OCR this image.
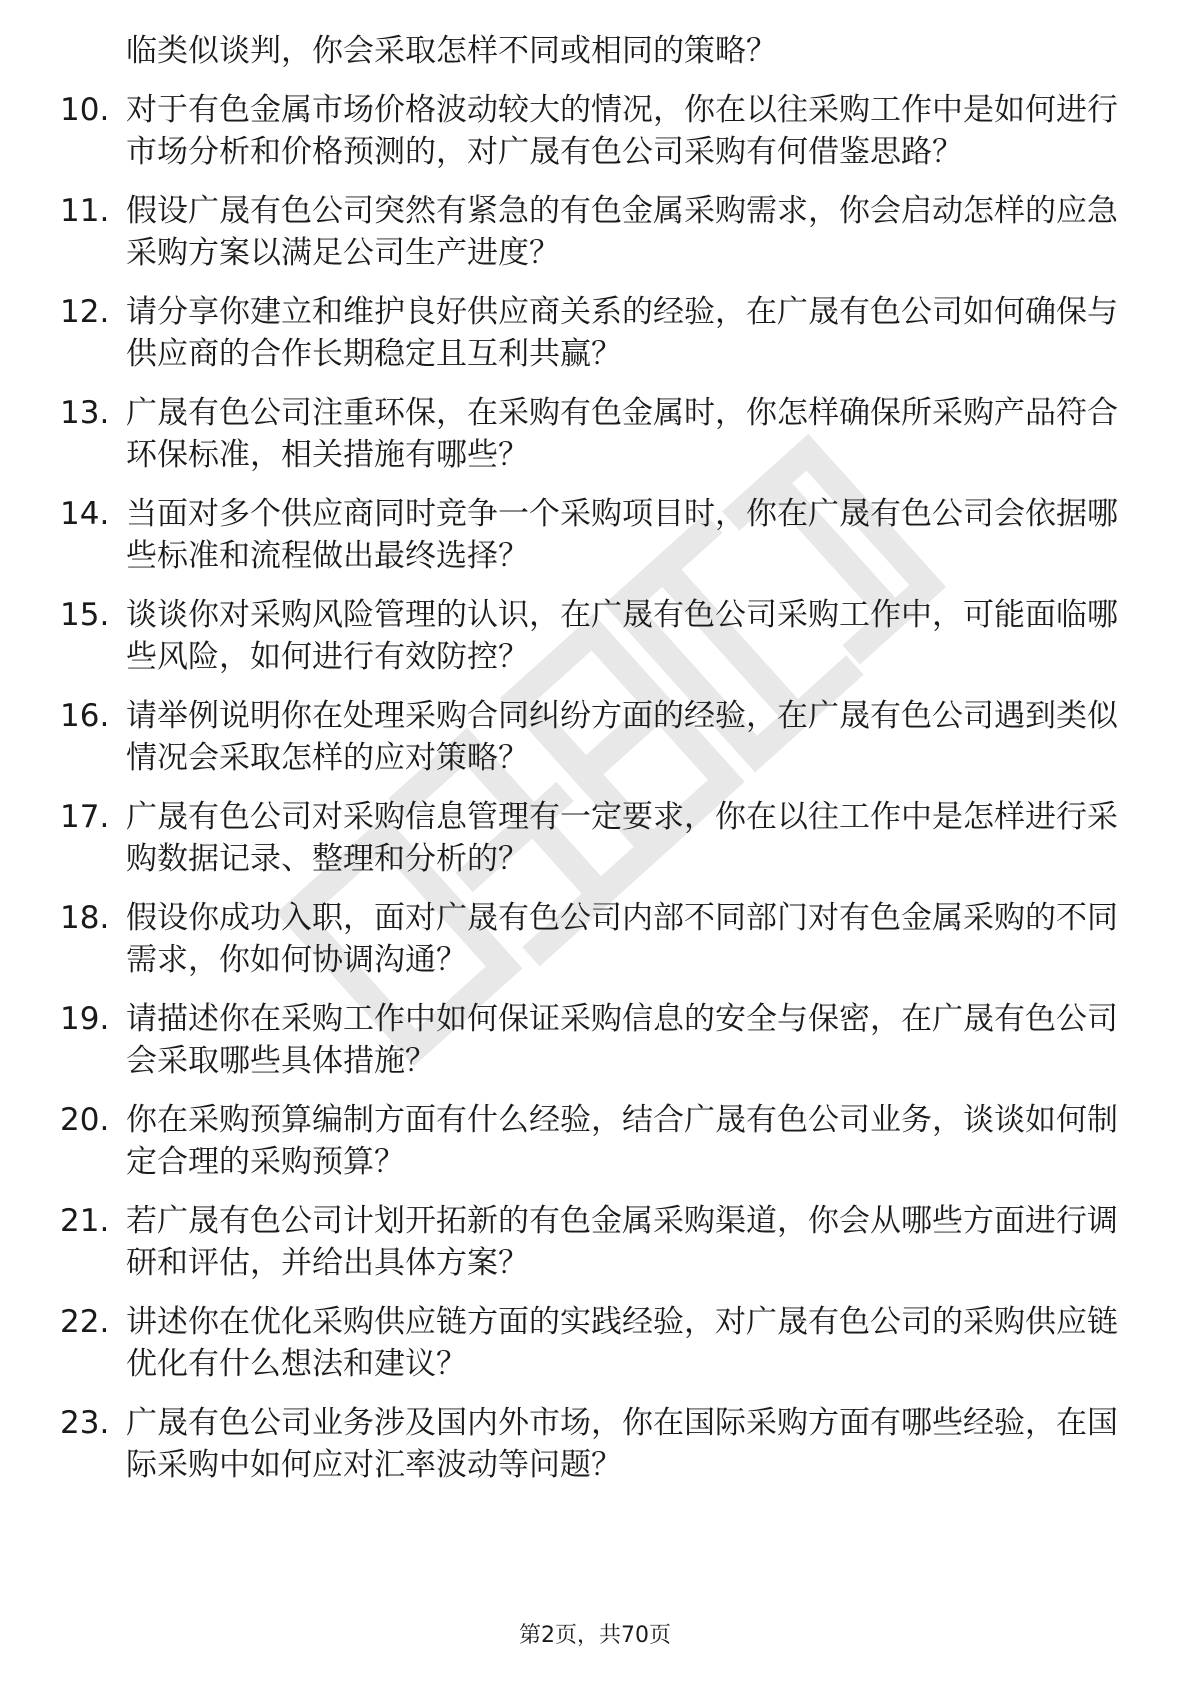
临类似谈判，你会采取怎样不同或相同的策略？
10. 对于有色金属市场价格波动较大的情况，你在以往采购工作中是如何进行市场分析和价格预测的，对广晟有色公司采购有何借鉴思路？
11. 假设广晟有色公司突然有紧急的有色金属采购需求，你会启动怎样的应急采购方案以满足公司生产进度？
12. 请分享你建立和维护良好供应商关系的经验，在广晟有色公司如何确保与供应商的合作长期稳定且互利共赢？
13. 广晟有色公司注重环保，在采购有色金属时，你怎样确保所采购产品符合环保标准，相关措施有哪些？
14. 当面对多个供应商同时竞争一个采购项目时，你在广晟有色公司会依据哪些标准和流程做出最终选择？
15. 谈谈你对采购风险管理的认识，在广晟有色公司采购工作中，可能面临哪些风险，如何进行有效防控？
16. 请举例说明你在处理采购合同纠纷方面的经验，在广晟有色公司遇到类似情况会采取怎样的应对策略？
17. 广晟有色公司对采购信息管理有一定要求，你在以往工作中是怎样进行采购数据记录、整理和分析的？
18. 假设你成功入职，面对广晟有色公司内部不同部门对有色金属采购的不同需求，你如何协调沟通？
19. 请描述你在采购工作中如何保证采购信息的安全与保密，在广晟有色公司会采取哪些具体措施？
20. 你在采购预算编制方面有什么经验，结合广晟有色公司业务，谈谈如何制定合理的采购预算？
21. 若广晟有色公司计划开拓新的有色金属采购渠道，你会从哪些方面进行调研和评估，并给出具体方案？
22. 讲述你在优化采购供应链方面的实践经验，对广晟有色公司的采购供应链优化有什么想法和建议？
23. 广晟有色公司业务涉及国内外市场，你在国际采购方面有哪些经验，在国际采购中如何应对汇率波动等问题？
第2页，共70页
